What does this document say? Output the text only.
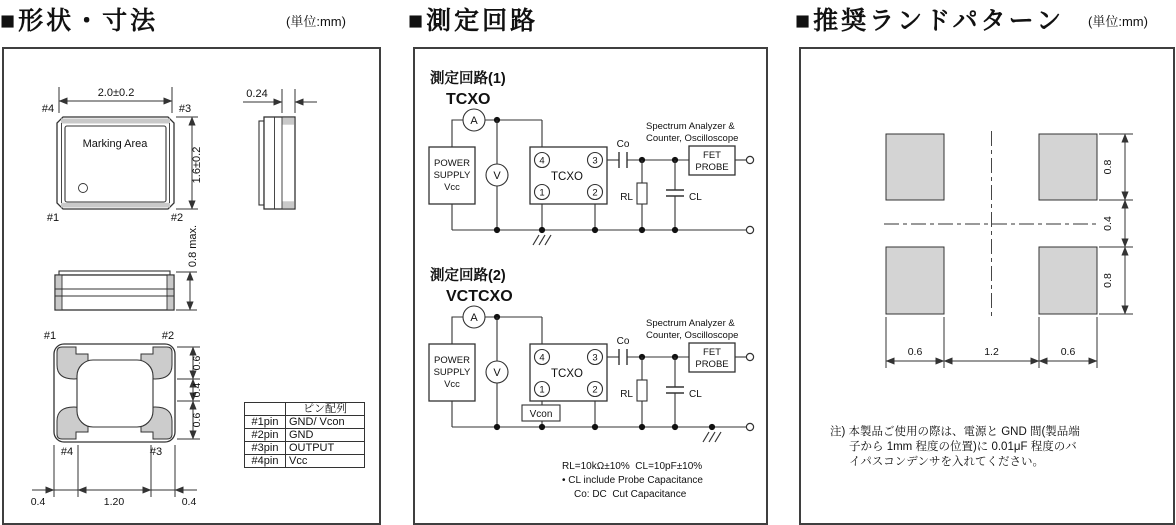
■形状・寸法	(単位:mm) ■測定回路	■推奨ランドパターン (単位:mm)
Marking Area
#4	#3
#1	#2
2.0±0.2
1.6±0.2
0.24
0.8 max.
#1	#2
#4	#3
0.6
0.4
0.6
0.4	1.20	0.4
	ピン配列
#1pin	GND/ Vcon
#2pin	GND
#3pin	OUTPUT
#4pin	Vcc
測定回路(1)
TCXO
A
V
POWER
SUPPLY
Vcc
TCXO
4	3
1	2
Co
RL	CL
FET
PROBE
Spectrum Analyzer &
Counter, Oscilloscope
測定回路(2)
VCTCXO
A
V
POWER
SUPPLY
Vcc
TCXO
4	3
1	2
Co
RL	CL
FET
PROBE
Spectrum Analyzer &
Counter, Oscilloscope
Vcon
RL=10kΩ±10%  CL=10pF±10%
• CL include Probe Capacitance
Co: DC  Cut Capacitance
0.8
0.4
0.8
0.6	1.2	0.6
注) 本製品ご使用の際は、電源と GND 間(製品端
子から 1mm 程度の位置)に 0.01μF 程度のバ
イパスコンデンサを入れてください。
